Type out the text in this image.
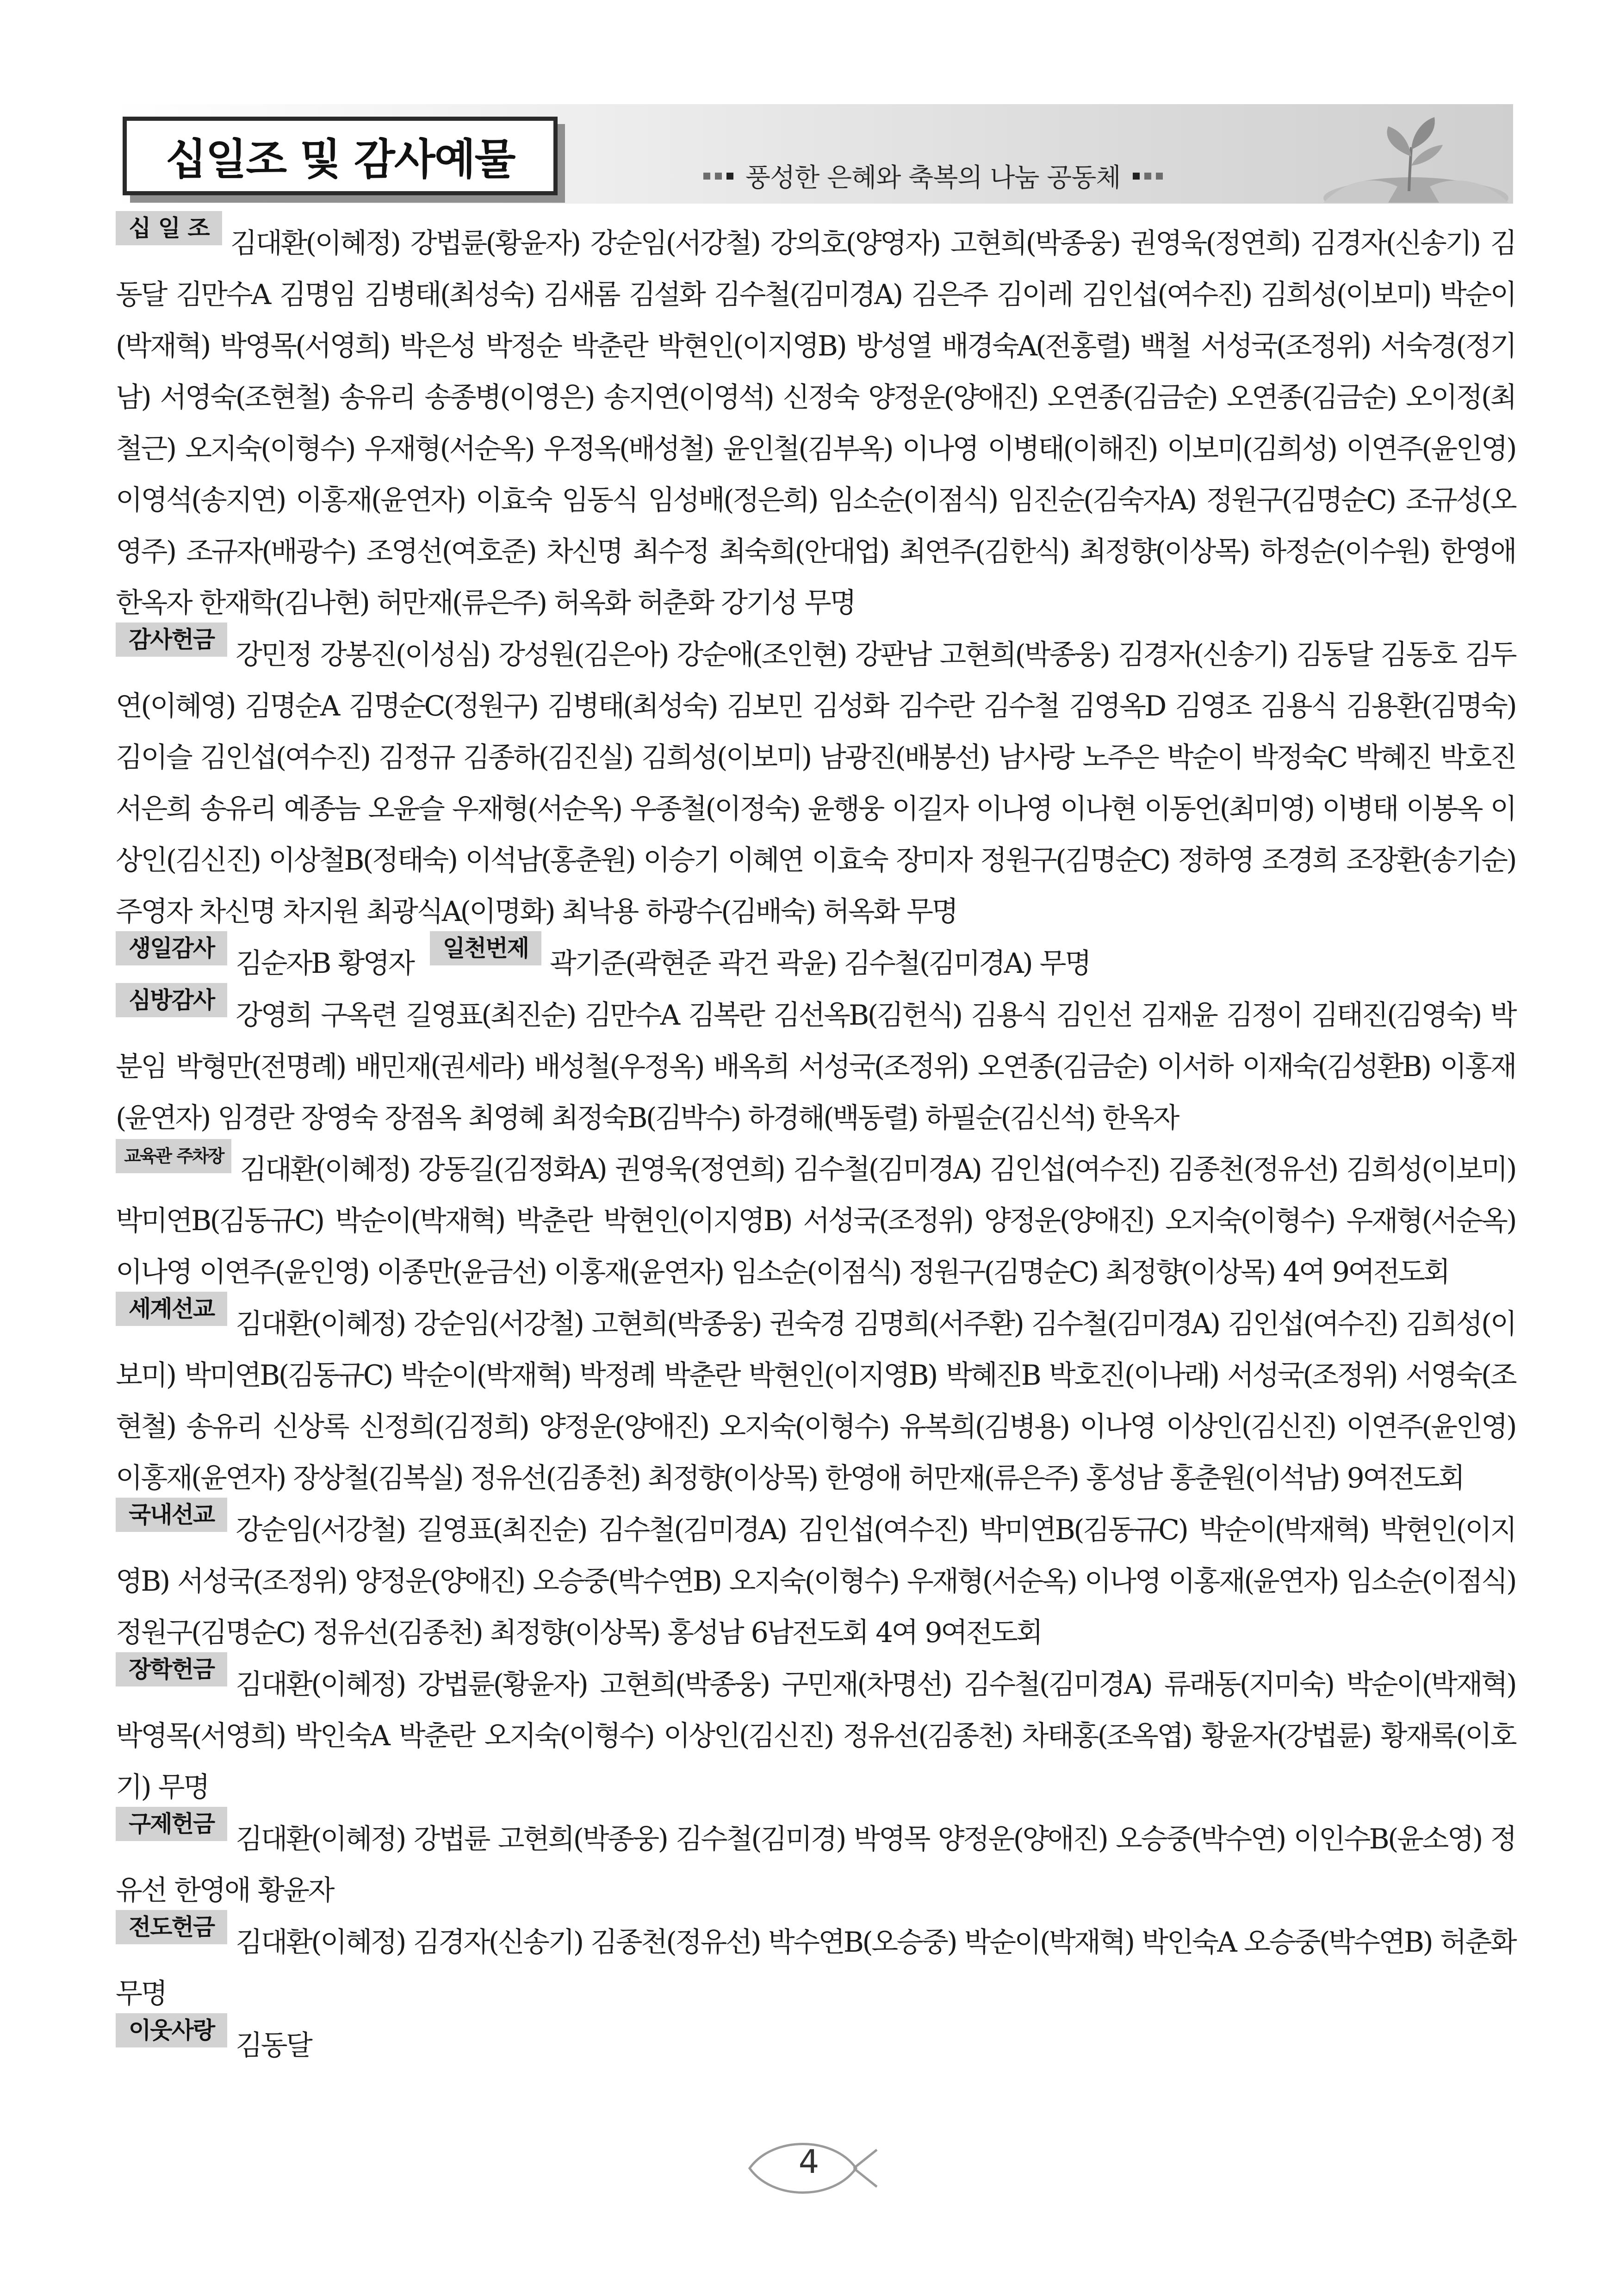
십일조 및 감사예물	풍성한 은혜와 축복의 나눔 공동체

십 일 조 김대환(이혜정) 강법륜(황윤자) 강순임(서강철) 강의호(양영자) 고현희(박종웅) 권영욱(정연희) 김경자(신송기) 김동달 김만수A 김명임 김병태(최성숙) 김새롬 김설화 김수철(김미경A) 김은주 김이레 김인섭(여수진) 김희성(이보미) 박순이(박재혁) 박영목(서영희) 박은성 박정순 박춘란 박현인(이지영B) 방성열 배경숙A(전홍렬) 백철 서성국(조정위) 서숙경(정기남) 서영숙(조현철) 송유리 송종병(이영은) 송지연(이영석) 신정숙 양정운(양애진) 오연종(김금순) 오연종(김금순) 오이정(최철근) 오지숙(이형수) 우재형(서순옥) 우정옥(배성철) 윤인철(김부옥) 이나영 이병태(이해진) 이보미(김희성) 이연주(윤인영) 이영석(송지연) 이홍재(윤연자) 이효숙 임동식 임성배(정은희) 임소순(이점식) 임진순(김숙자A) 정원구(김명순C) 조규성(오영주) 조규자(배광수) 조영선(여호준) 차신명 최수정 최숙희(안대업) 최연주(김한식) 최정향(이상목) 하정순(이수원) 한영애 한옥자 한재학(김나현) 허만재(류은주) 허옥화 허춘화 강기성 무명

감사헌금 강민정 강봉진(이성심) 강성원(김은아) 강순애(조인현) 강판남 고현희(박종웅) 김경자(신송기) 김동달 김동호 김두연(이혜영) 김명순A 김명순C(정원구) 김병태(최성숙) 김보민 김성화 김수란 김수철 김영옥D 김영조 김용식 김용환(김명숙) 김이슬 김인섭(여수진) 김정규 김종하(김진실) 김희성(이보미) 남광진(배봉선) 남사랑 노주은 박순이 박정숙C 박혜진 박호진 서은희 송유리 예종늠 오윤슬 우재형(서순옥) 우종철(이정숙) 윤행웅 이길자 이나영 이나현 이동언(최미영) 이병태 이봉옥 이상인(김신진) 이상철B(정태숙) 이석남(홍춘원) 이승기 이혜연 이효숙 장미자 정원구(김명순C) 정하영 조경희 조장환(송기순) 주영자 차신명 차지원 최광식A(이명화) 최낙용 하광수(김배숙) 허옥화 무명

생일감사 김순자B 황영자 일천번제 곽기준(곽현준 곽건 곽윤) 김수철(김미경A) 무명

심방감사 강영희 구옥련 길영표(최진순) 김만수A 김복란 김선옥B(김헌식) 김용식 김인선 김재윤 김정이 김태진(김영숙) 박분임 박형만(전명례) 배민재(권세라) 배성철(우정옥) 배옥희 서성국(조정위) 오연종(김금순) 이서하 이재숙(김성환B) 이홍재(윤연자) 임경란 장영숙 장점옥 최영혜 최정숙B(김박수) 하경해(백동렬) 하필순(김신석) 한옥자

교육관 주차장 김대환(이혜정) 강동길(김정화A) 권영욱(정연희) 김수철(김미경A) 김인섭(여수진) 김종천(정유선) 김희성(이보미) 박미연B(김동규C) 박순이(박재혁) 박춘란 박현인(이지영B) 서성국(조정위) 양정운(양애진) 오지숙(이형수) 우재형(서순옥) 이나영 이연주(윤인영) 이종만(윤금선) 이홍재(윤연자) 임소순(이점식) 정원구(김명순C) 최정향(이상목) 4여 9여전도회

세계선교 김대환(이혜정) 강순임(서강철) 고현희(박종웅) 권숙경 김명희(서주환) 김수철(김미경A) 김인섭(여수진) 김희성(이보미) 박미연B(김동규C) 박순이(박재혁) 박정례 박춘란 박현인(이지영B) 박혜진B 박호진(이나래) 서성국(조정위) 서영숙(조현철) 송유리 신상록 신정희(김정희) 양정운(양애진) 오지숙(이형수) 유복희(김병용) 이나영 이상인(김신진) 이연주(윤인영) 이홍재(윤연자) 장상철(김복실) 정유선(김종천) 최정향(이상목) 한영애 허만재(류은주) 홍성남 홍춘원(이석남) 9여전도회

국내선교 강순임(서강철) 길영표(최진순) 김수철(김미경A) 김인섭(여수진) 박미연B(김동규C) 박순이(박재혁) 박현인(이지영B) 서성국(조정위) 양정운(양애진) 오승중(박수연B) 오지숙(이형수) 우재형(서순옥) 이나영 이홍재(윤연자) 임소순(이점식) 정원구(김명순C) 정유선(김종천) 최정향(이상목) 홍성남 6남전도회 4여 9여전도회

장학헌금 김대환(이혜정) 강법륜(황윤자) 고현희(박종웅) 구민재(차명선) 김수철(김미경A) 류래동(지미숙) 박순이(박재혁) 박영목(서영희) 박인숙A 박춘란 오지숙(이형수) 이상인(김신진) 정유선(김종천) 차태홍(조옥엽) 황윤자(강법륜) 황재록(이호기) 무명

구제헌금 김대환(이혜정) 강법륜 고현희(박종웅) 김수철(김미경) 박영목 양정운(양애진) 오승중(박수연) 이인수B(윤소영) 정유선 한영애 황윤자

전도헌금 김대환(이혜정) 김경자(신송기) 김종천(정유선) 박수연B(오승중) 박순이(박재혁) 박인숙A 오승중(박수연B) 허춘화 무명

이웃사랑 김동달

4
